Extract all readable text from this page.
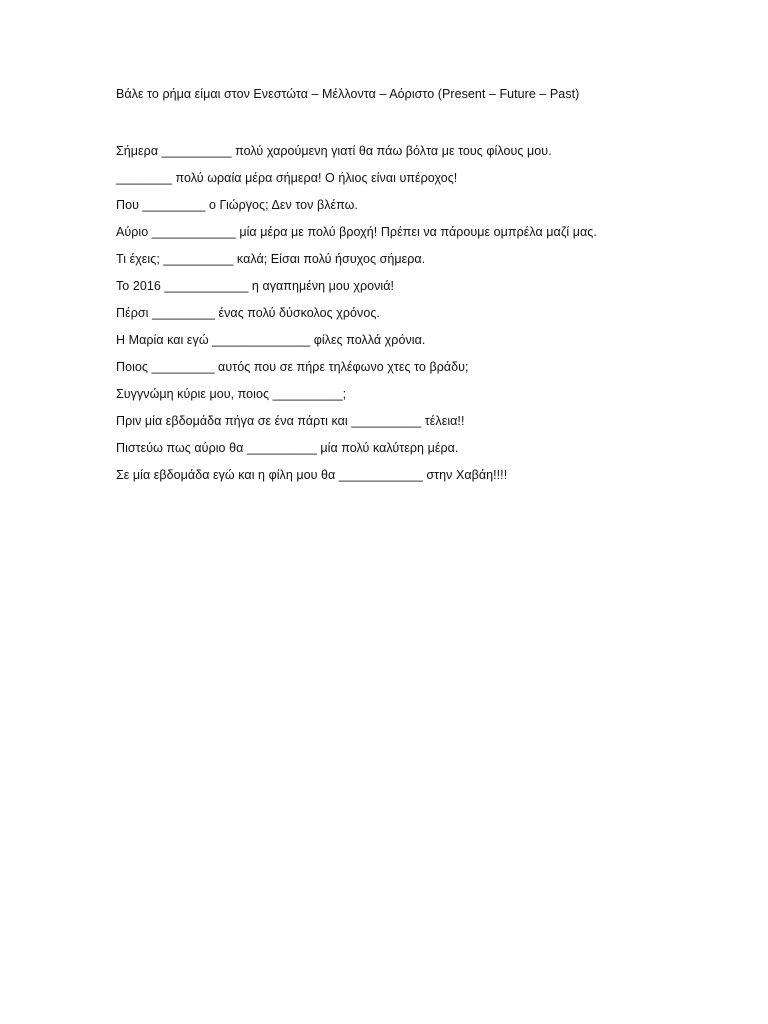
Βάλε το ρήμα είμαι στον Ενεστώτα – Μέλλοντα – Αόριστο (Present – Future – Past)
Σήμερα __________ πολύ χαρούμενη γιατί θα πάω βόλτα με τους φίλους μου.
________ πολύ ωραία μέρα σήμερα! Ο ήλιος είναι υπέροχος!
Που _________ ο Γιώργος; Δεν τον βλέπω.
Αύριο ____________ μία μέρα με πολύ βροχή! Πρέπει να πάρουμε ομπρέλα μαζί μας.
Τι έχεις; __________ καλά; Είσαι πολύ ήσυχος σήμερα.
Το 2016 ____________ η αγαπημένη μου χρονιά!
Πέρσι _________ ένας πολύ δύσκολος χρόνος.
Η Μαρία και εγώ ______________ φίλες πολλά χρόνια.
Ποιος _________ αυτός που σε πήρε τηλέφωνο χτες το βράδυ;
Συγγνώμη κύριε μου, ποιος __________;
Πριν μία εβδομάδα πήγα σε ένα πάρτι και __________ τέλεια!!
Πιστεύω πως αύριο θα __________ μία πολύ καλύτερη μέρα.
Σε μία εβδομάδα εγώ και η φίλη μου θα ____________ στην Χαβάη!!!!
